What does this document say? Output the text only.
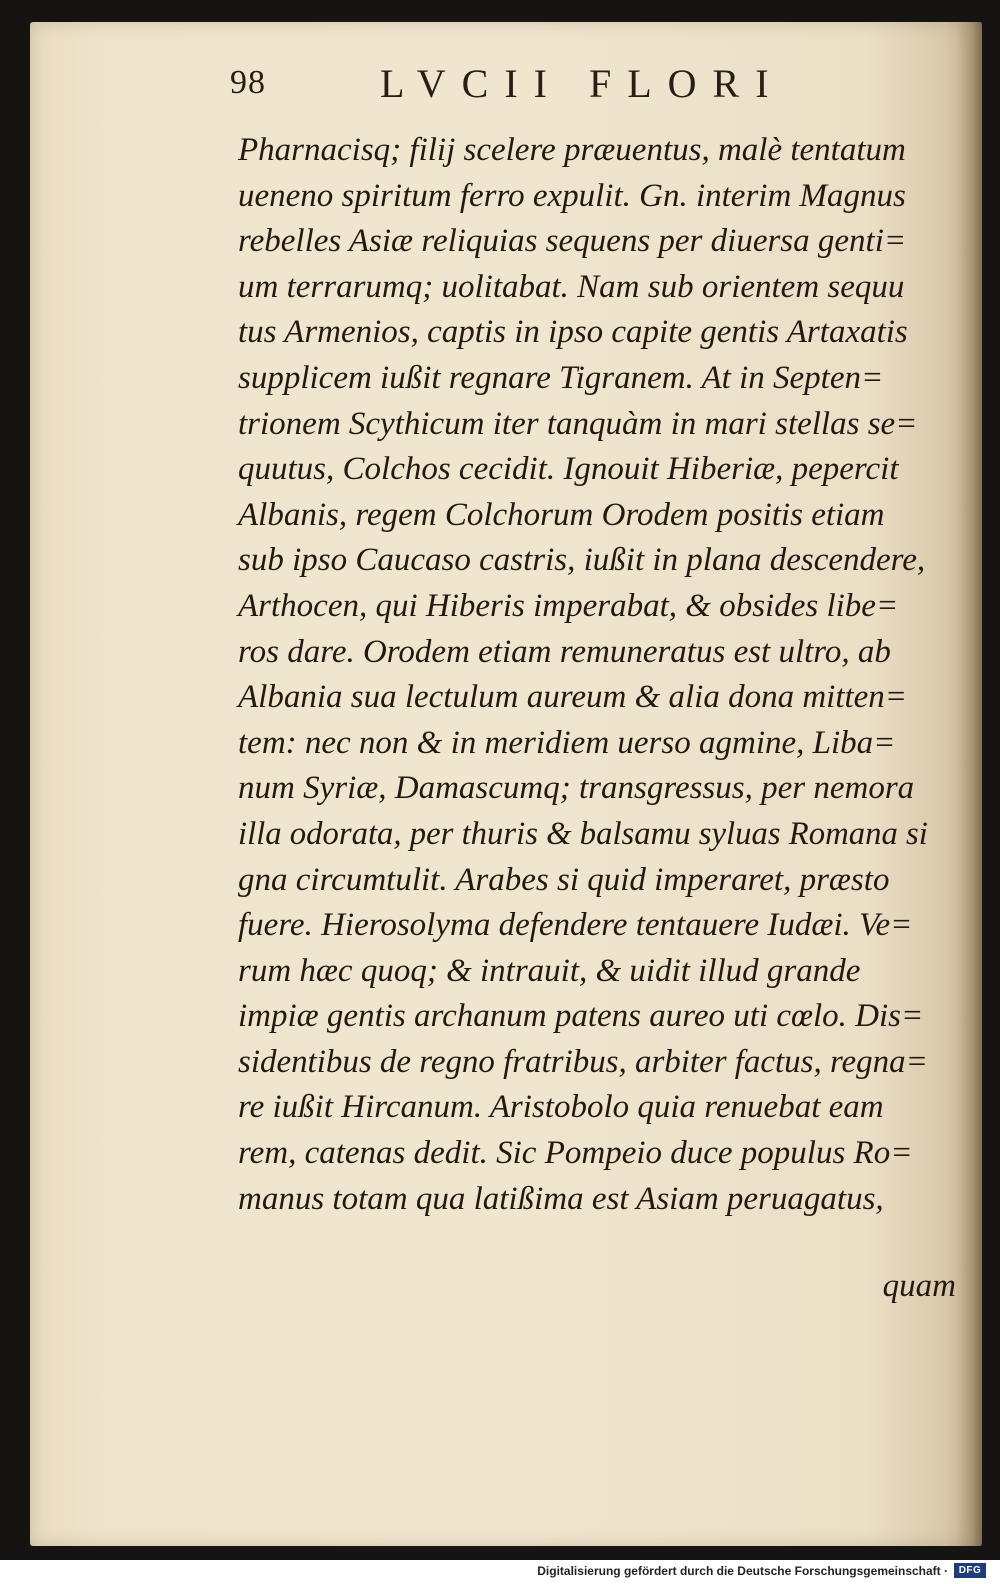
98	LVCII FLORI
Pharnacisq; filij scelere præuentus, malè tentatum
ueneno spiritum ferro expulit. Gn. interim Magnus
rebelles Asiæ reliquias sequens per diuersa genti=
um terrarumq; uolitabat. Nam sub orientem sequu
tus Armenios, captis in ipso capite gentis Artaxatis
supplicem iußit regnare Tigranem. At in Septen=
trionem Scythicum iter tanquàm in mari stellas se=
quutus, Colchos cecidit. Ignouit Hiberiæ, pepercit
Albanis, regem Colchorum Orodem positis etiam
sub ipso Caucaso castris, iußit in plana descendere,
Arthocen, qui Hiberis imperabat, & obsides libe=
ros dare. Orodem etiam remuneratus est ultro, ab
Albania sua lectulum aureum & alia dona mitten=
tem: nec non & in meridiem uerso agmine, Liba=
num Syriæ, Damascumq; transgressus, per nemora
illa odorata, per thuris & balsamu syluas Romana si
gna circumtulit. Arabes si quid imperaret, præsto
fuere. Hierosolyma defendere tentauere Iudæi. Ve=
rum hæc quoq; & intrauit, & uidit illud grande
impiæ gentis archanum patens aureo uti cœlo. Dis=
sidentibus de regno fratribus, arbiter factus, regna=
re iußit Hircanum. Aristobolo quia renuebat eam
rem, catenas dedit. Sic Pompeio duce populus Ro=
manus totam qua latißima est Asiam peruagatus,
quam
Digitalisierung gefördert durch die Deutsche Forschungsgemeinschaft ·	DFG
